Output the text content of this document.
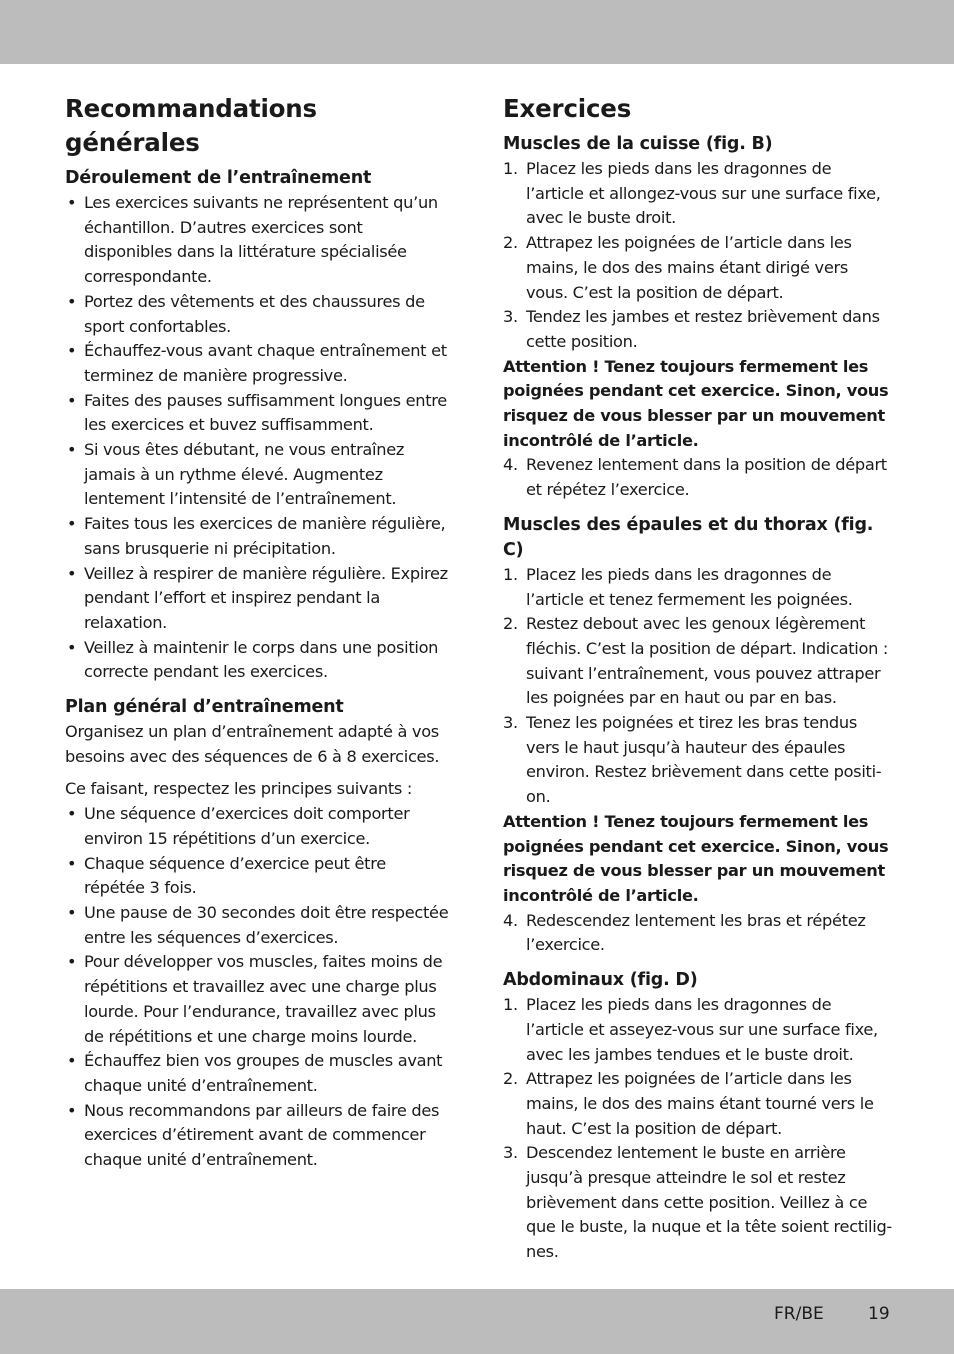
Recommandations générales
Déroulement de l’entraînement
• Les exercices suivants ne représentent qu’un échantillon. D’autres exercices sont disponibles dans la littérature spécialisée correspondante.
• Portez des vêtements et des chaussures de sport confortables.
• Échauffez-vous avant chaque entraînement et terminez de manière progressive.
• Faites des pauses suffisamment longues entre les exercices et buvez suffisamment.
• Si vous êtes débutant, ne vous entraînez jamais à un rythme élevé. Augmentez lentement l’intensité de l’entraînement.
• Faites tous les exercices de manière régulière, sans brusquerie ni précipitation.
• Veillez à respirer de manière régulière. Expirez pendant l’effort et inspirez pendant la relaxation.
• Veillez à maintenir le corps dans une position correcte pendant les exercices.
Plan général d’entraînement

Organisez un plan d’entraînement adapté à vos besoins avec des séquences de 6 à 8 exercices.

Ce faisant, respectez les principes suivants :

• Une séquence d’exercices doit comporter environ 15 répétitions d’un exercice.
• Chaque séquence d’exercice peut être répétée 3 fois.
• Une pause de 30 secondes doit être respectée entre les séquences d’exercices.
• Pour développer vos muscles, faites moins de répétitions et travaillez avec une charge plus lourde. Pour l’endurance, travaillez avec plus de répétitions et une charge moins lourde.
• Échauffez bien vos groupes de muscles avant chaque unité d’entraînement.
• Nous recommandons par ailleurs de faire des exercices d’étirement avant de commencer chaque unité d’entraînement.
Exercices
Muscles de la cuisse (fig. B)
1. Placez les pieds dans les dragonnes de l’article et allongez-vous sur une surface fixe, avec le buste droit.
2. Attrapez les poignées de l’article dans les mains, le dos des mains étant dirigé vers vous. C’est la position de départ.
3. Tendez les jambes et restez brièvement dans cette position.

Attention ! Tenez toujours fermement les poignées pendant cet exercice. Sinon, vous risquez de vous blesser par un mouvement incontrôlé de l’article.

4. Revenez lentement dans la position de départ et répétez l’exercice.
Muscles des épaules et du thorax (fig. C)
1. Placez les pieds dans les dragonnes de l’article et tenez fermement les poignées.
2. Restez debout avec les genoux légèrement fléchis. C’est la position de départ. Indication : suivant l’entraînement, vous pouvez attraper les poignées par en haut ou par en bas.
3. Tenez les poignées et tirez les bras tendus vers le haut jusqu’à hauteur des épaules environ. Restez brièvement dans cette position.

Attention ! Tenez toujours fermement les poignées pendant cet exercice. Sinon, vous risquez de vous blesser par un mouvement incontrôlé de l’article.

4. Redescendez lentement les bras et répétez l’exercice.
Abdominaux (fig. D)
1. Placez les pieds dans les dragonnes de l’article et asseyez-vous sur une surface fixe, avec les jambes tendues et le buste droit.
2. Attrapez les poignées de l’article dans les mains, le dos des mains étant tourné vers le haut. C’est la position de départ.
3. Descendez lentement le buste en arrière jusqu’à presque atteindre le sol et restez brièvement dans cette position. Veillez à ce que le buste, la nuque et la tête soient rectilignes.
FR/BE	19
